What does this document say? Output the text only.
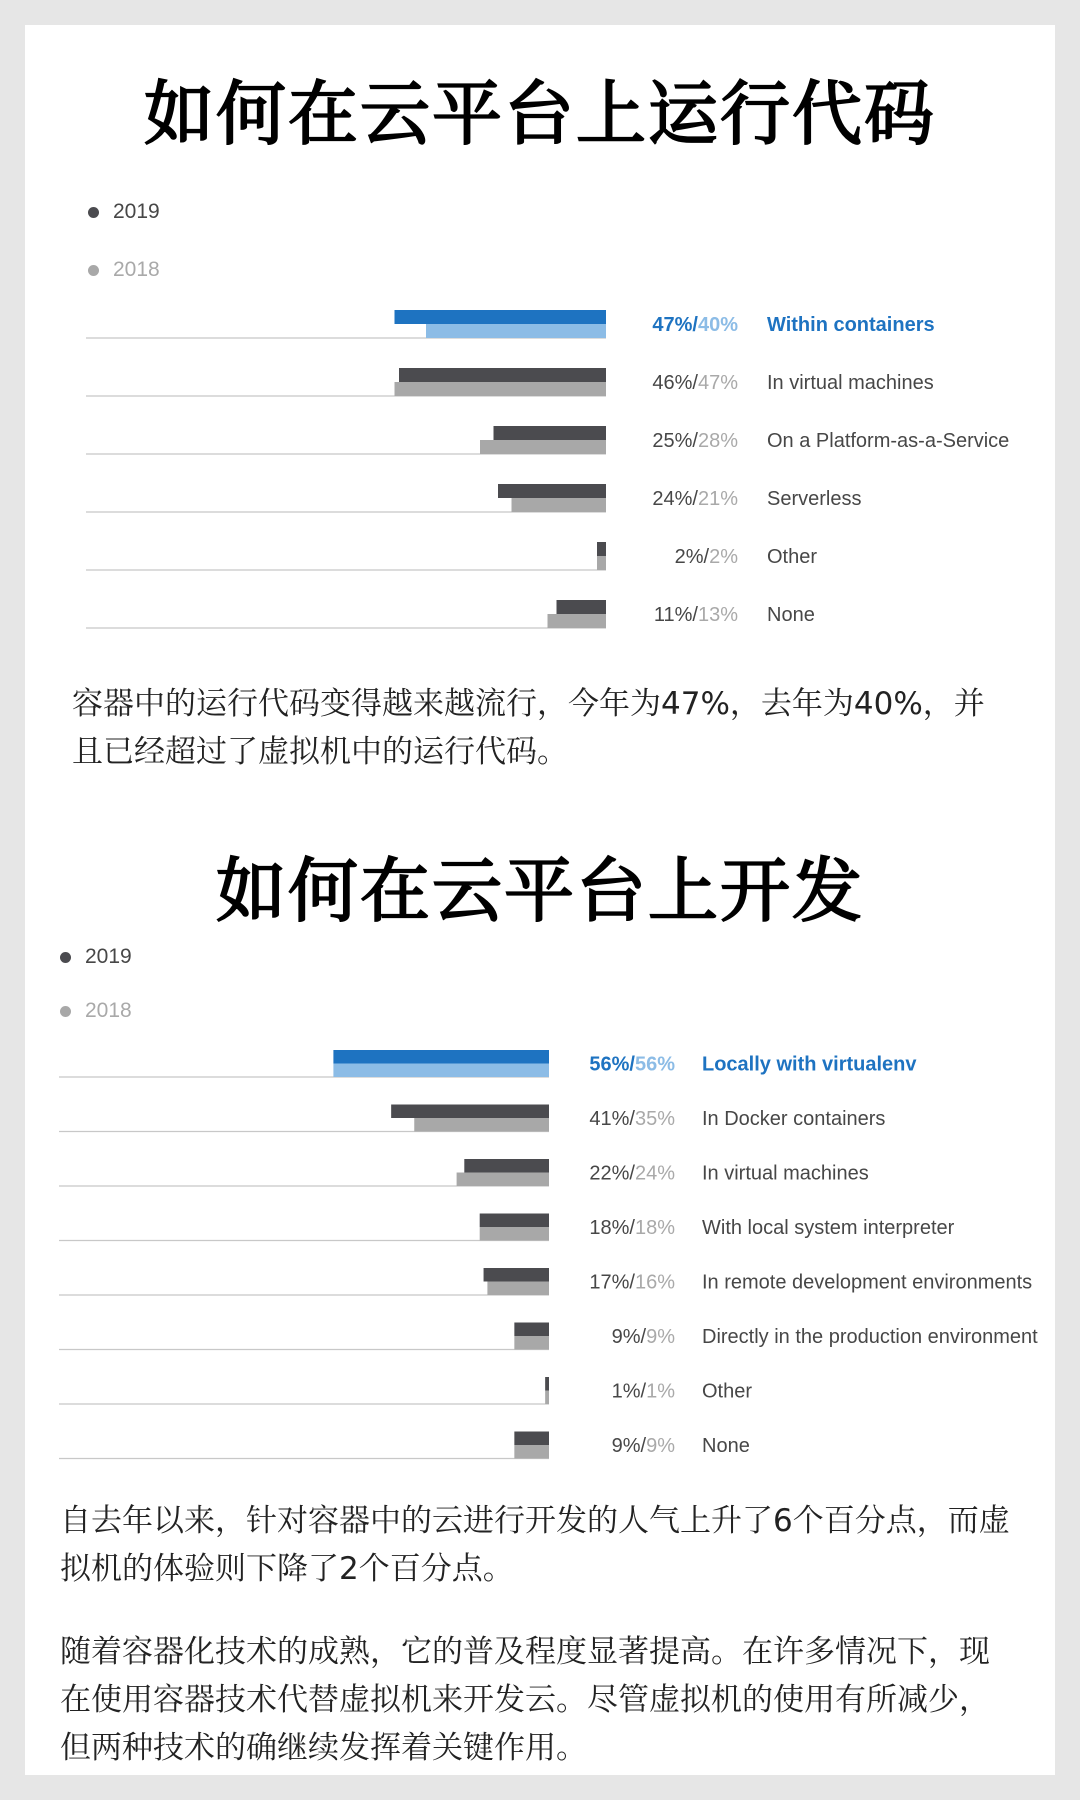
如何在云平台上运行代码
2019
2018
47%/40% Within containers
46%/47% In virtual machines
25%/28% On a Platform-as-a-Service
24%/21% Serverless
2%/2% Other
11%/13% None

容器中的运行代码变得越来越流行，今年为47%，去年为40%，并且已经超过了虚拟机中的运行代码。

如何在云平台上开发
2019
2018
56%/56% Locally with virtualenv
41%/35% In Docker containers
22%/24% In virtual machines
18%/18% With local system interpreter
17%/16% In remote development environments
9%/9% Directly in the production environment
1%/1% Other
9%/9% None

自去年以来，针对容器中的云进行开发的人气上升了6个百分点，而虚拟机的体验则下降了2个百分点。

随着容器化技术的成熟，它的普及程度显著提高。在许多情况下，现在使用容器技术代替虚拟机来开发云。尽管虚拟机的使用有所减少，但两种技术的确继续发挥着关键作用。
